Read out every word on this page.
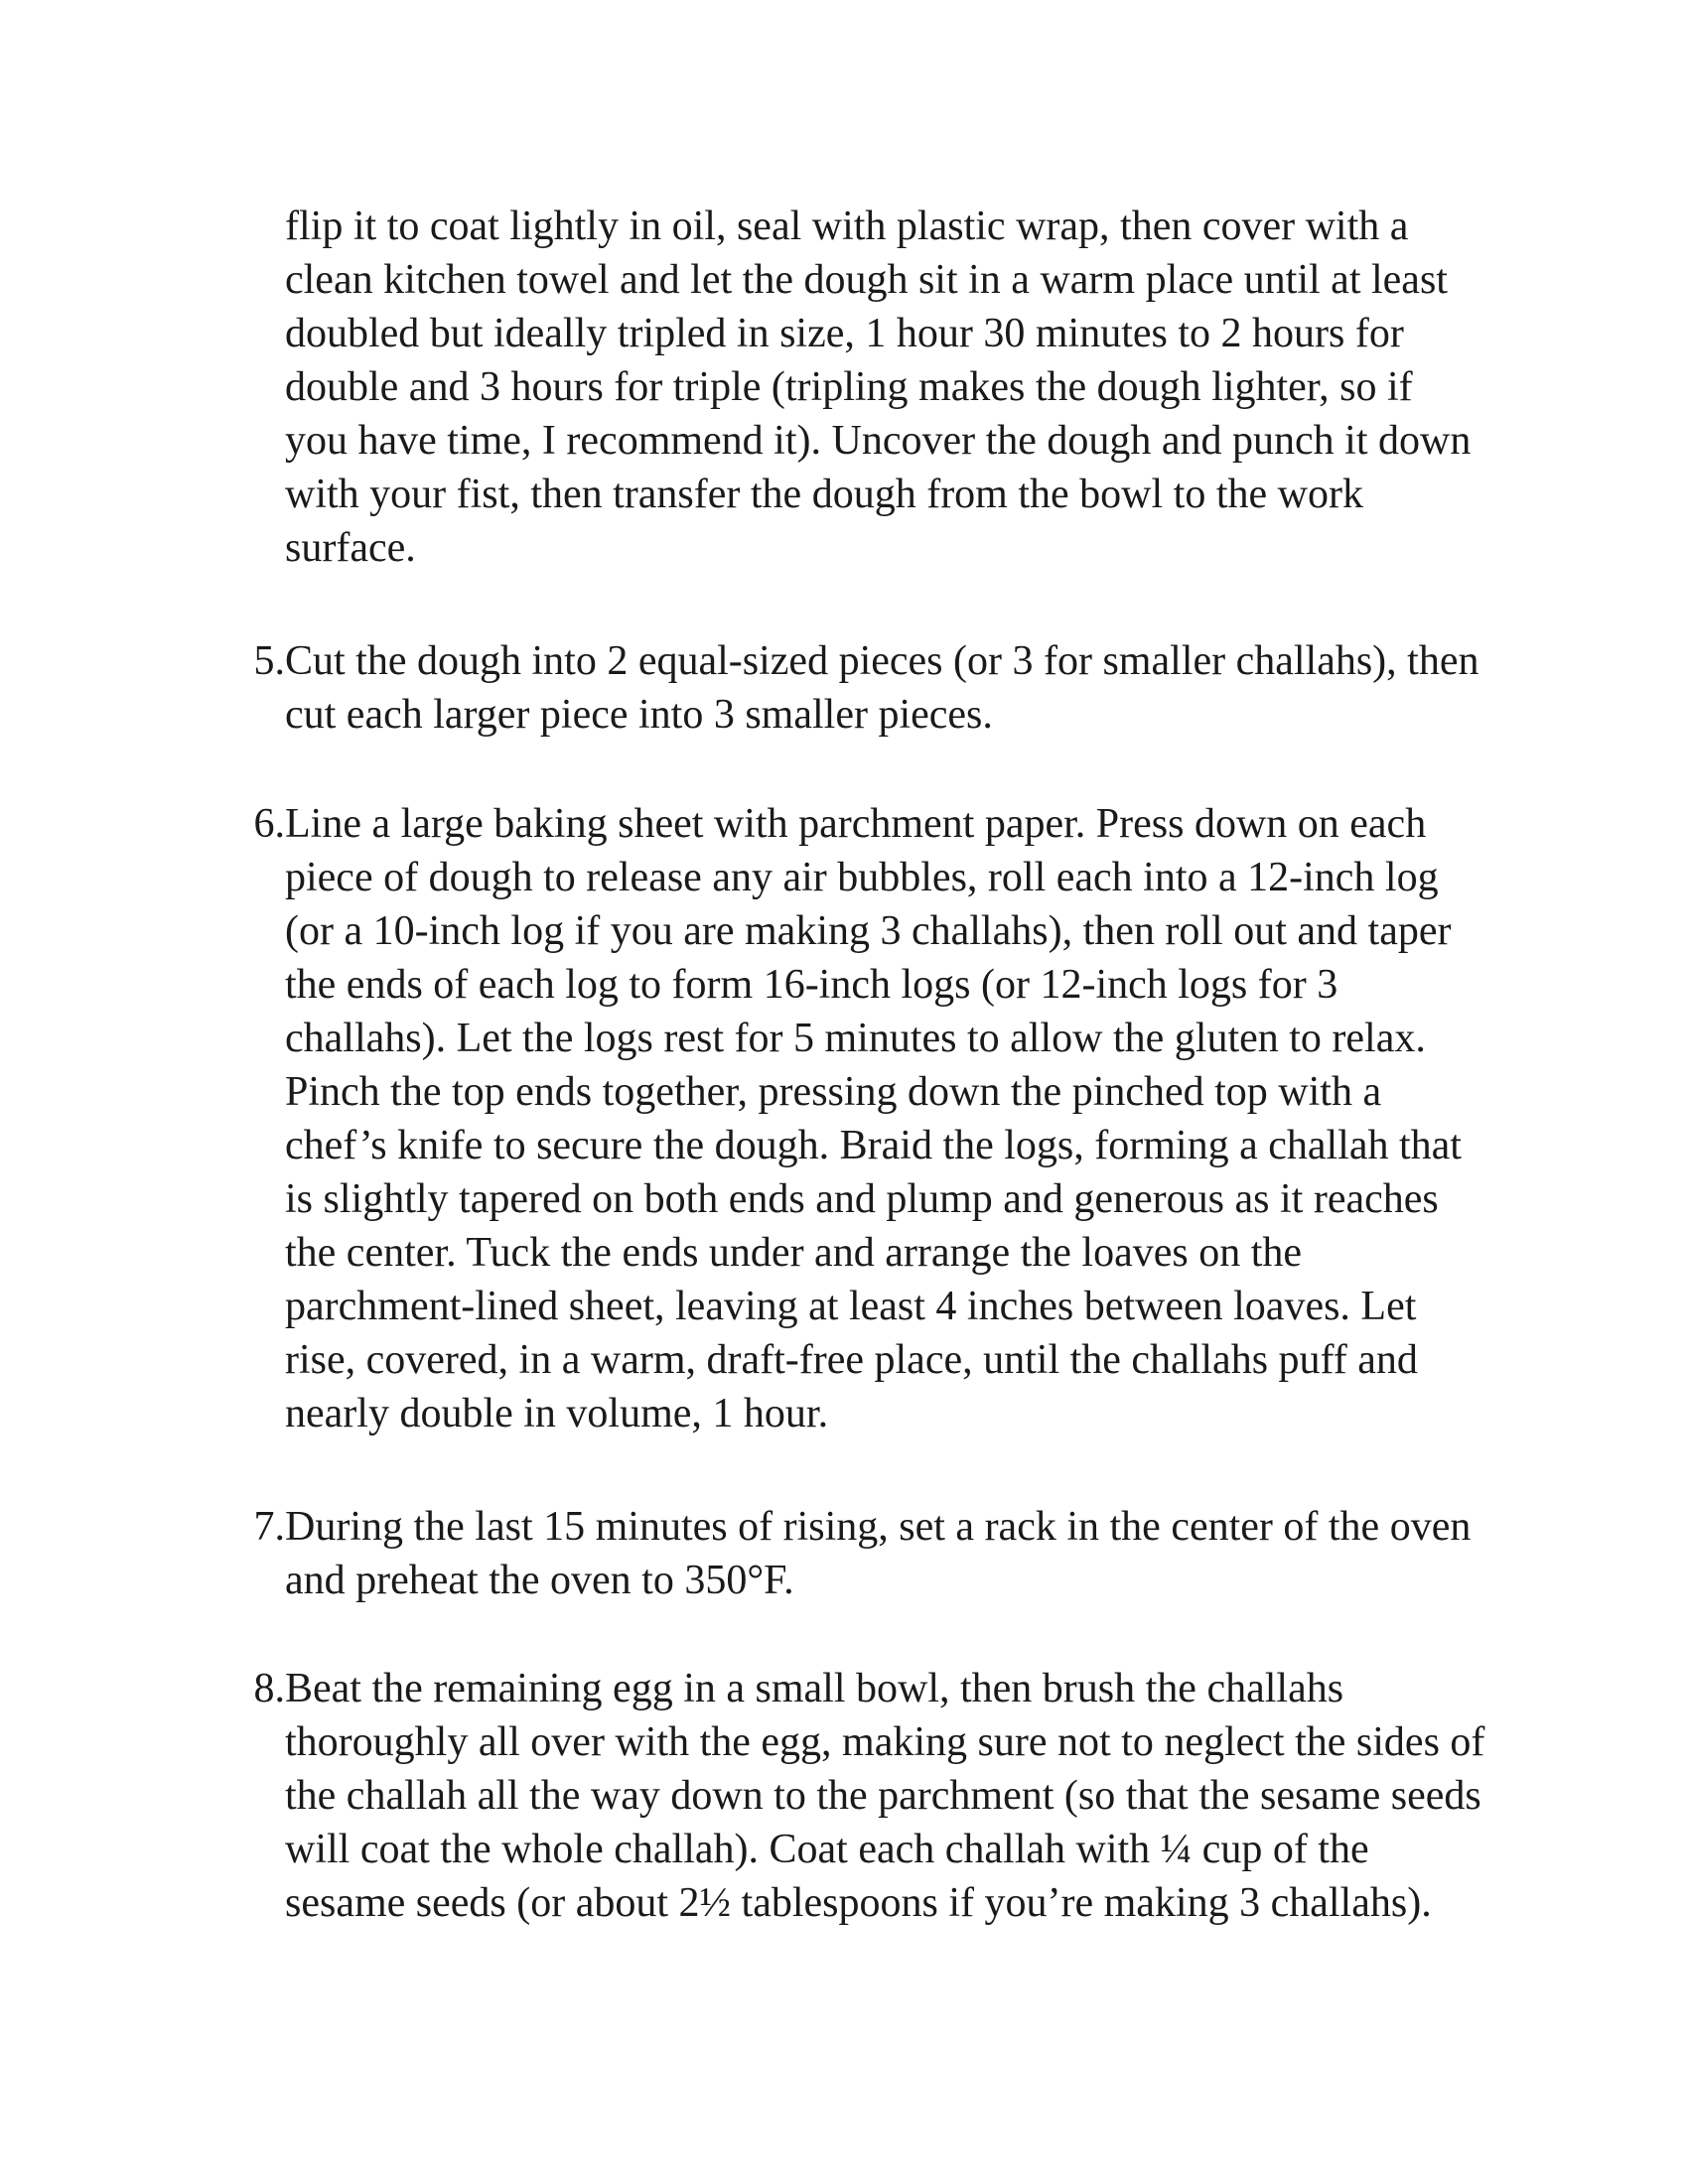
flip it to coat lightly in oil, seal with plastic wrap, then cover with a
clean kitchen towel and let the dough sit in a warm place until at least
doubled but ideally tripled in size, 1 hour 30 minutes to 2 hours for
double and 3 hours for triple (tripling makes the dough lighter, so if
you have time, I recommend it). Uncover the dough and punch it down
with your fist, then transfer the dough from the bowl to the work
surface.
5. Cut the dough into 2 equal-sized pieces (or 3 for smaller challahs), then
cut each larger piece into 3 smaller pieces.
6. Line a large baking sheet with parchment paper. Press down on each
piece of dough to release any air bubbles, roll each into a 12-inch log
(or a 10-inch log if you are making 3 challahs), then roll out and taper
the ends of each log to form 16-inch logs (or 12-inch logs for 3
challahs). Let the logs rest for 5 minutes to allow the gluten to relax.
Pinch the top ends together, pressing down the pinched top with a
chef’s knife to secure the dough. Braid the logs, forming a challah that
is slightly tapered on both ends and plump and generous as it reaches
the center. Tuck the ends under and arrange the loaves on the
parchment-lined sheet, leaving at least 4 inches between loaves. Let
rise, covered, in a warm, draft-free place, until the challahs puff and
nearly double in volume, 1 hour.
7. During the last 15 minutes of rising, set a rack in the center of the oven
and preheat the oven to 350°F.
8. Beat the remaining egg in a small bowl, then brush the challahs
thoroughly all over with the egg, making sure not to neglect the sides of
the challah all the way down to the parchment (so that the sesame seeds
will coat the whole challah). Coat each challah with ¼ cup of the
sesame seeds (or about 2½ tablespoons if you’re making 3 challahs).
